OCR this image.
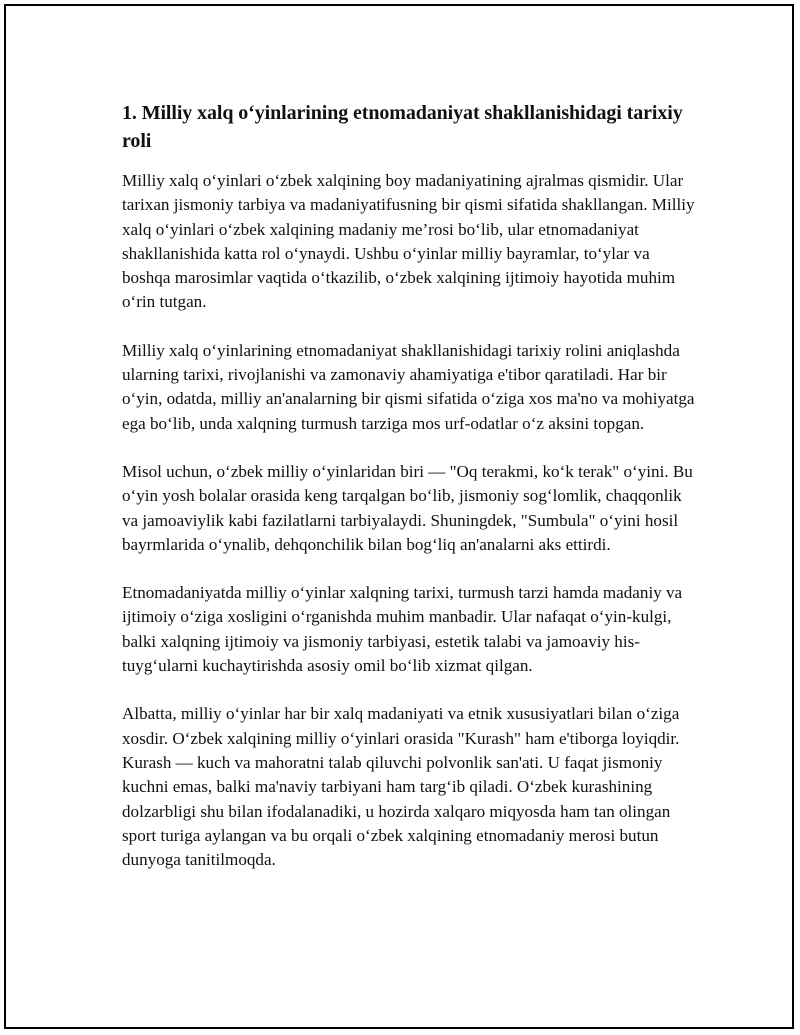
1. Milliy xalq o‘yinlarining etnomadaniyat shakllanishidagi tarixiy roli

Milliy xalq o‘yinlari o‘zbek xalqining boy madaniyatining ajralmas qismidir. Ular tarixan jismoniy tarbiya va madaniyatifusning bir qismi sifatida shakllangan. Milliy xalq o‘yinlari o‘zbek xalqining madaniy me’rosi bo‘lib, ular etnomadaniyat shakllanishida katta rol o‘ynaydi. Ushbu o‘yinlar milliy bayramlar, to‘ylar va boshqa marosimlar vaqtida o‘tkazilib, o‘zbek xalqining ijtimoiy hayotida muhim o‘rin tutgan.

Milliy xalq o‘yinlarining etnomadaniyat shakllanishidagi tarixiy rolini aniqlashda ularning tarixi, rivojlanishi va zamonaviy ahamiyatiga e'tibor qaratiladi. Har bir o‘yin, odatda, milliy an'analarning bir qismi sifatida o‘ziga xos ma'no va mohiyatga ega bo‘lib, unda xalqning turmush tarziga mos urf-odatlar o‘z aksini topgan.

Misol uchun, o‘zbek milliy o‘yinlaridan biri — "Oq terakmi, ko‘k terak" o‘yini. Bu o‘yin yosh bolalar orasida keng tarqalgan bo‘lib, jismoniy sog‘lomlik, chaqqonlik va jamoaviylik kabi fazilatlarni tarbiyalaydi. Shuningdek, "Sumbula" o‘yini hosil bayrmlarida o‘ynalib, dehqonchilik bilan bog‘liq an'analarni aks ettirdi.

Etnomadaniyatda milliy o‘yinlar xalqning tarixi, turmush tarzi hamda madaniy va ijtimoiy o‘ziga xosligini o‘rganishda muhim manbadir. Ular nafaqat o‘yin-kulgi, balki xalqning ijtimoiy va jismoniy tarbiyasi, estetik talabi va jamoaviy his-tuyg‘ularni kuchaytirishda asosiy omil bo‘lib xizmat qilgan.

Albatta, milliy o‘yinlar har bir xalq madaniyati va etnik xususiyatlari bilan o‘ziga xosdir. O‘zbek xalqining milliy o‘yinlari orasida "Kurash" ham e'tiborga loyiqdir. Kurash — kuch va mahoratni talab qiluvchi polvonlik san'ati. U faqat jismoniy kuchni emas, balki ma'naviy tarbiyani ham targ‘ib qiladi. O‘zbek kurashining dolzarbligi shu bilan ifodalanadiki, u hozirda xalqaro miqyosda ham tan olingan sport turiga aylangan va bu orqali o‘zbek xalqining etnomadaniy merosi butun dunyoga tanitilmoqda.
